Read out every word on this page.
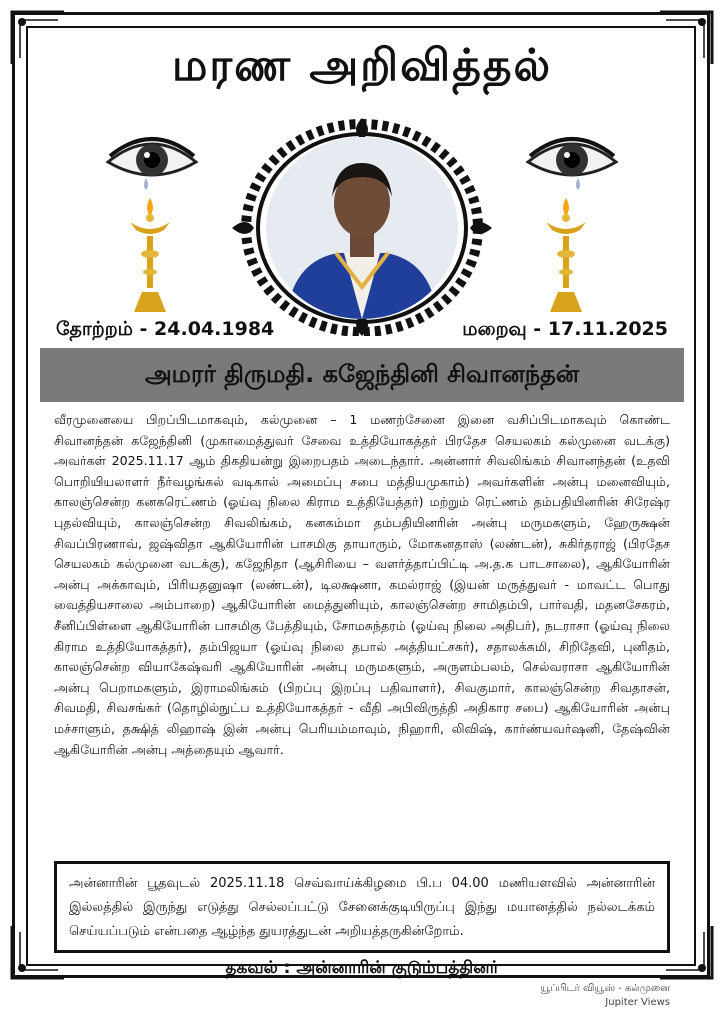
மரண அறிவித்தல்
தோற்றம் - 24.04.1984	மறைவு - 17.11.2025
அமரர் திருமதி. கஜேந்தினி சிவானந்தன்
வீரமுனையை பிறப்பிடமாகவும், கல்முனை – 1 மணற்சேனை இனை வசிப்பிடமாகவும் கொண்ட சிவானந்தன் கஜேந்தினி (முகாமைத்துவர் சேவை உத்தியோகத்தர் பிரதேச செயலகம் கல்முனை வடக்கு) அவர்கள் 2025.11.17 ஆம் திகதியன்று இறைபதம் அடைந்தார். அன்னார் சிவலிங்கம் சிவானந்தன் (உதவி பொறியியலாளர் நீர்வழங்கல் வடிகால் அமைப்பு சபை மத்தியமுகாம்) அவர்களின் அன்பு மனைவியும், காலஞ்சென்ற கனகரெட்ணம் (ஓய்வு நிலை கிராம உத்தியேத்தர்) மற்றும் ரெட்ணம் தம்பதியினரின் சிரேஷ்ர புதல்வியும், காலஞ்சென்ற சிவலிங்கம், கனகம்மா தம்பதியினரின் அன்பு மருமகளும், ஹேருக்ஷன் சிவப்பிரணாவ், ஜஷ்விதா ஆகியோரின் பாசமிகு தாயாரும், மோகனதாஸ் (லண்டன்), சுகிர்தராஜ் (பிரதேச செயலகம் கல்முனை வடக்கு), கஜேநிதா (ஆசிரியை – வளர்த்தாப்பிட்டி அ.த.க பாடசாலை), ஆகியோரின் அன்பு அக்காவும், பிரியதனுஷா (லண்டன்), டிலக்ஷனா, கமல்ராஜ் (இயன் மருத்துவர் - மாவட்ட பொது வைத்தியசாலை அம்பாறை) ஆகியோரின் மைத்துனியும், காலஞ்சென்ற சாமிதம்பி, பார்வதி, மதனசேகரம், சீனிப்பிள்ளை ஆகியோரின் பாசமிகு பேத்தியும், சோமசுந்தரம் (ஓய்வு நிலை அதிபர்), நடராசா (ஓய்வு நிலை கிராம உத்தியோகத்தர்), தம்பிஜயா (ஓய்வு நிலை தபால் அத்தியட்சகர்), சதாலக்சுமி, சிறிதேவி, புனிதம், காலஞ்சென்ற வியாகேஷ்வரி ஆகியோரின் அன்பு மருமகளும், அருளம்பலம், செல்வராசா ஆகியோரின் அன்பு பெறாமகளும், இராமலிங்கம் (பிறப்பு இறப்பு பதிவாளர்), சிவகுமார், காலஞ்சென்ற சிவதாசன், சிவமதி, சிவசங்கர் (தொழில்நுட்ப உத்தியோகத்தர் - வீதி அபிவிருத்தி அதிகார சபை) ஆகியோரின் அன்பு மச்சாளும், தக்ஷித் லிஹாஷ் இன் அன்பு பெரியம்மாவும், நிஹாரி, லிவிஷ், கார்ண்யவர்ஷனி, தேஷ்வின் ஆகியோரின் அன்பு அத்தையும் ஆவார்.
அன்னாரின் பூதவுடல் 2025.11.18 செவ்வாய்க்கிழமை பி.ப 04.00 மணியளவில் அன்னாரின் இல்லத்தில் இருந்து எடுத்து செல்லப்பட்டு சேனைக்குடியிருப்பு இந்து மயானத்தில் நல்லடக்கம் செய்யப்படும் என்பதை ஆழ்ந்த துயரத்துடன் அறியத்தருகின்றோம்.
தகவல் : அன்னாரின் குடும்பத்தினர்
யூப்பிடர் வியூஸ் - கல்முனை
Jupiter Views
